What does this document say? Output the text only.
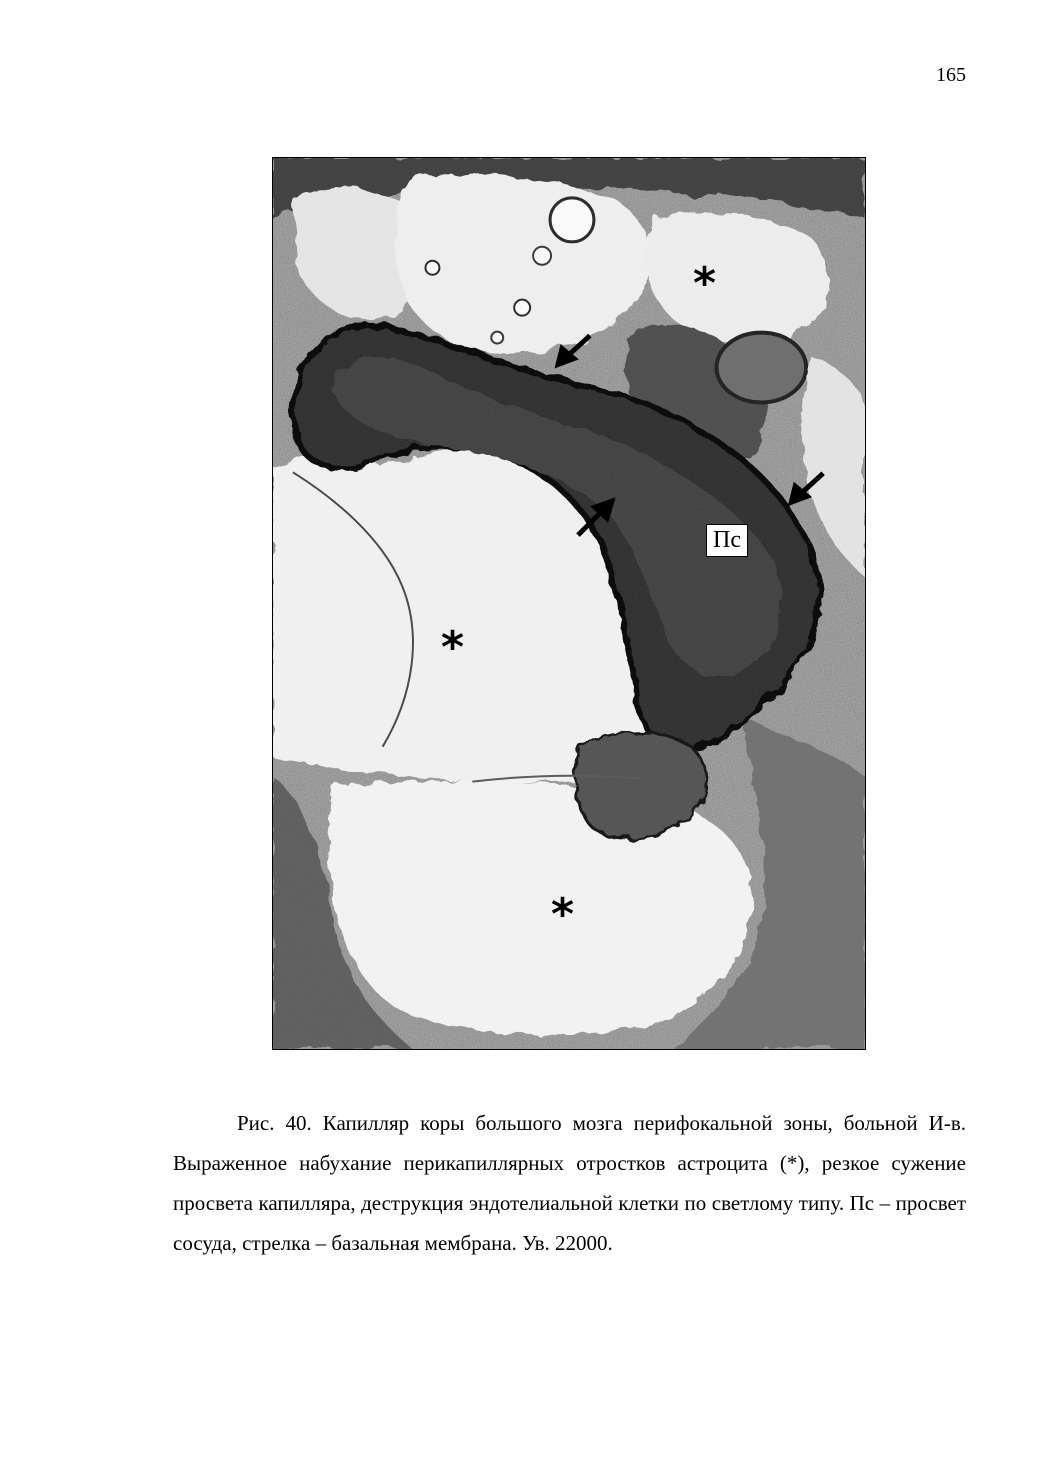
165
*
*
*
Пс
Рис. 40. Капилляр коры большого мозга перифокальной зоны, больной И-в. Выраженное набухание перикапиллярных отростков астроцита (*), резкое сужение просвета капилляра, деструкция эндотелиальной клетки по светлому типу. Пс – просвет сосуда, стрелка – базальная мембрана. Ув. 22000.
